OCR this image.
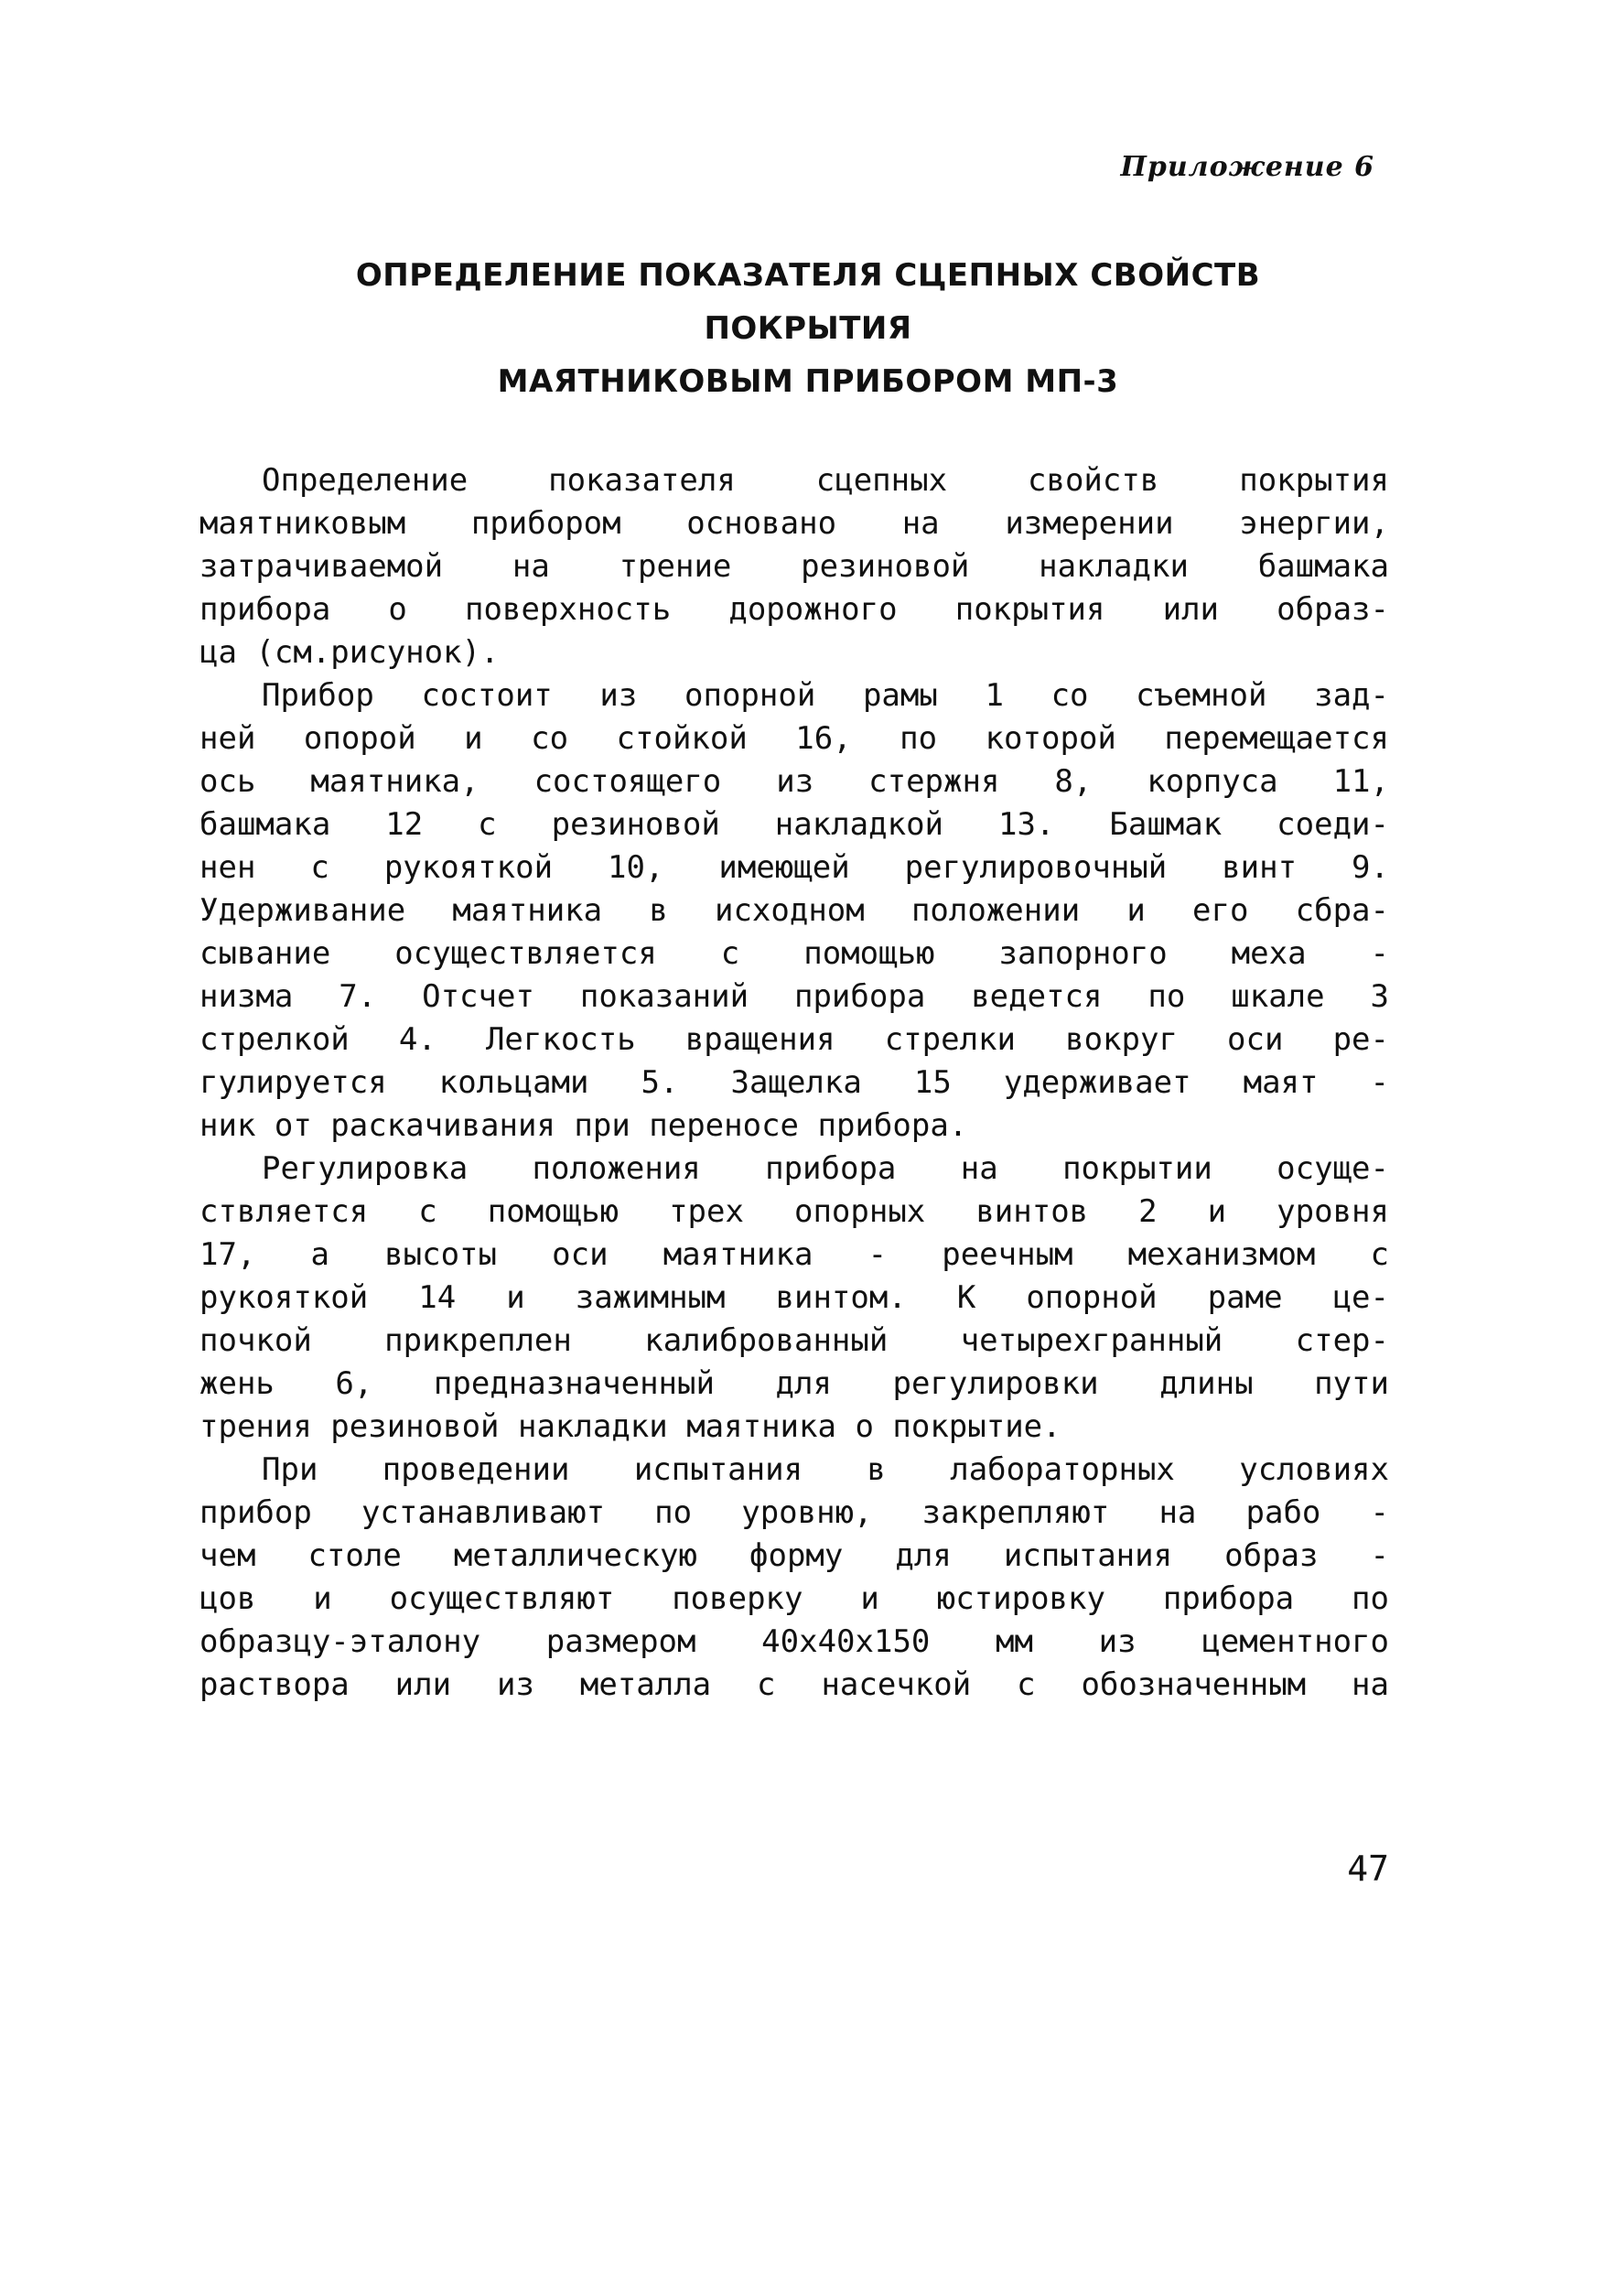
Приложение 6
ОПРЕДЕЛЕНИЕ ПОКАЗАТЕЛЯ СЦЕПНЫХ СВОЙСТВ
ПОКРЫТИЯ
МАЯТНИКОВЫМ ПРИБОРОМ МП-3
Определение показателя сцепных свойств покрытия
маятниковым прибором основано на измерении энергии,
затрачиваемой на трение резиновой накладки башмака
прибора о поверхность дорожного покрытия или образ-
ца (см.рисунок).
Прибор состоит из опорной рамы 1 со съемной зад-
ней опорой и со стойкой 16, по которой перемещается
ось маятника, состоящего из стержня 8, корпуса 11,
башмака 12 с резиновой накладкой 13. Башмак соеди-
нен с рукояткой 10, имеющей регулировочный винт 9.
Удерживание маятника в исходном положении и его сбра-
сывание осуществляется с помощью запорного меха -
низма 7. Отсчет показаний прибора ведется по шкале 3
стрелкой 4. Легкость вращения стрелки вокруг оси ре-
гулируется кольцами 5. Защелка 15 удерживает маят -
ник от раскачивания при переносе прибора.
Регулировка положения прибора на покрытии осуще-
ствляется с помощью трех опорных винтов 2 и уровня
17, а высоты оси маятника - реечным механизмом с
рукояткой 14 и зажимным винтом. К опорной раме це-
почкой прикреплен калиброванный четырехгранный стер-
жень 6, предназначенный для регулировки длины пути
трения резиновой накладки маятника о покрытие.
При проведении испытания в лабораторных условиях
прибор устанавливают по уровню, закрепляют на рабо -
чем столе металлическую форму для испытания образ -
цов и осуществляют поверку и юстировку прибора по
образцу-эталону размером 40х40х150 мм из цементного
раствора или из металла с насечкой с обозначенным на
47
